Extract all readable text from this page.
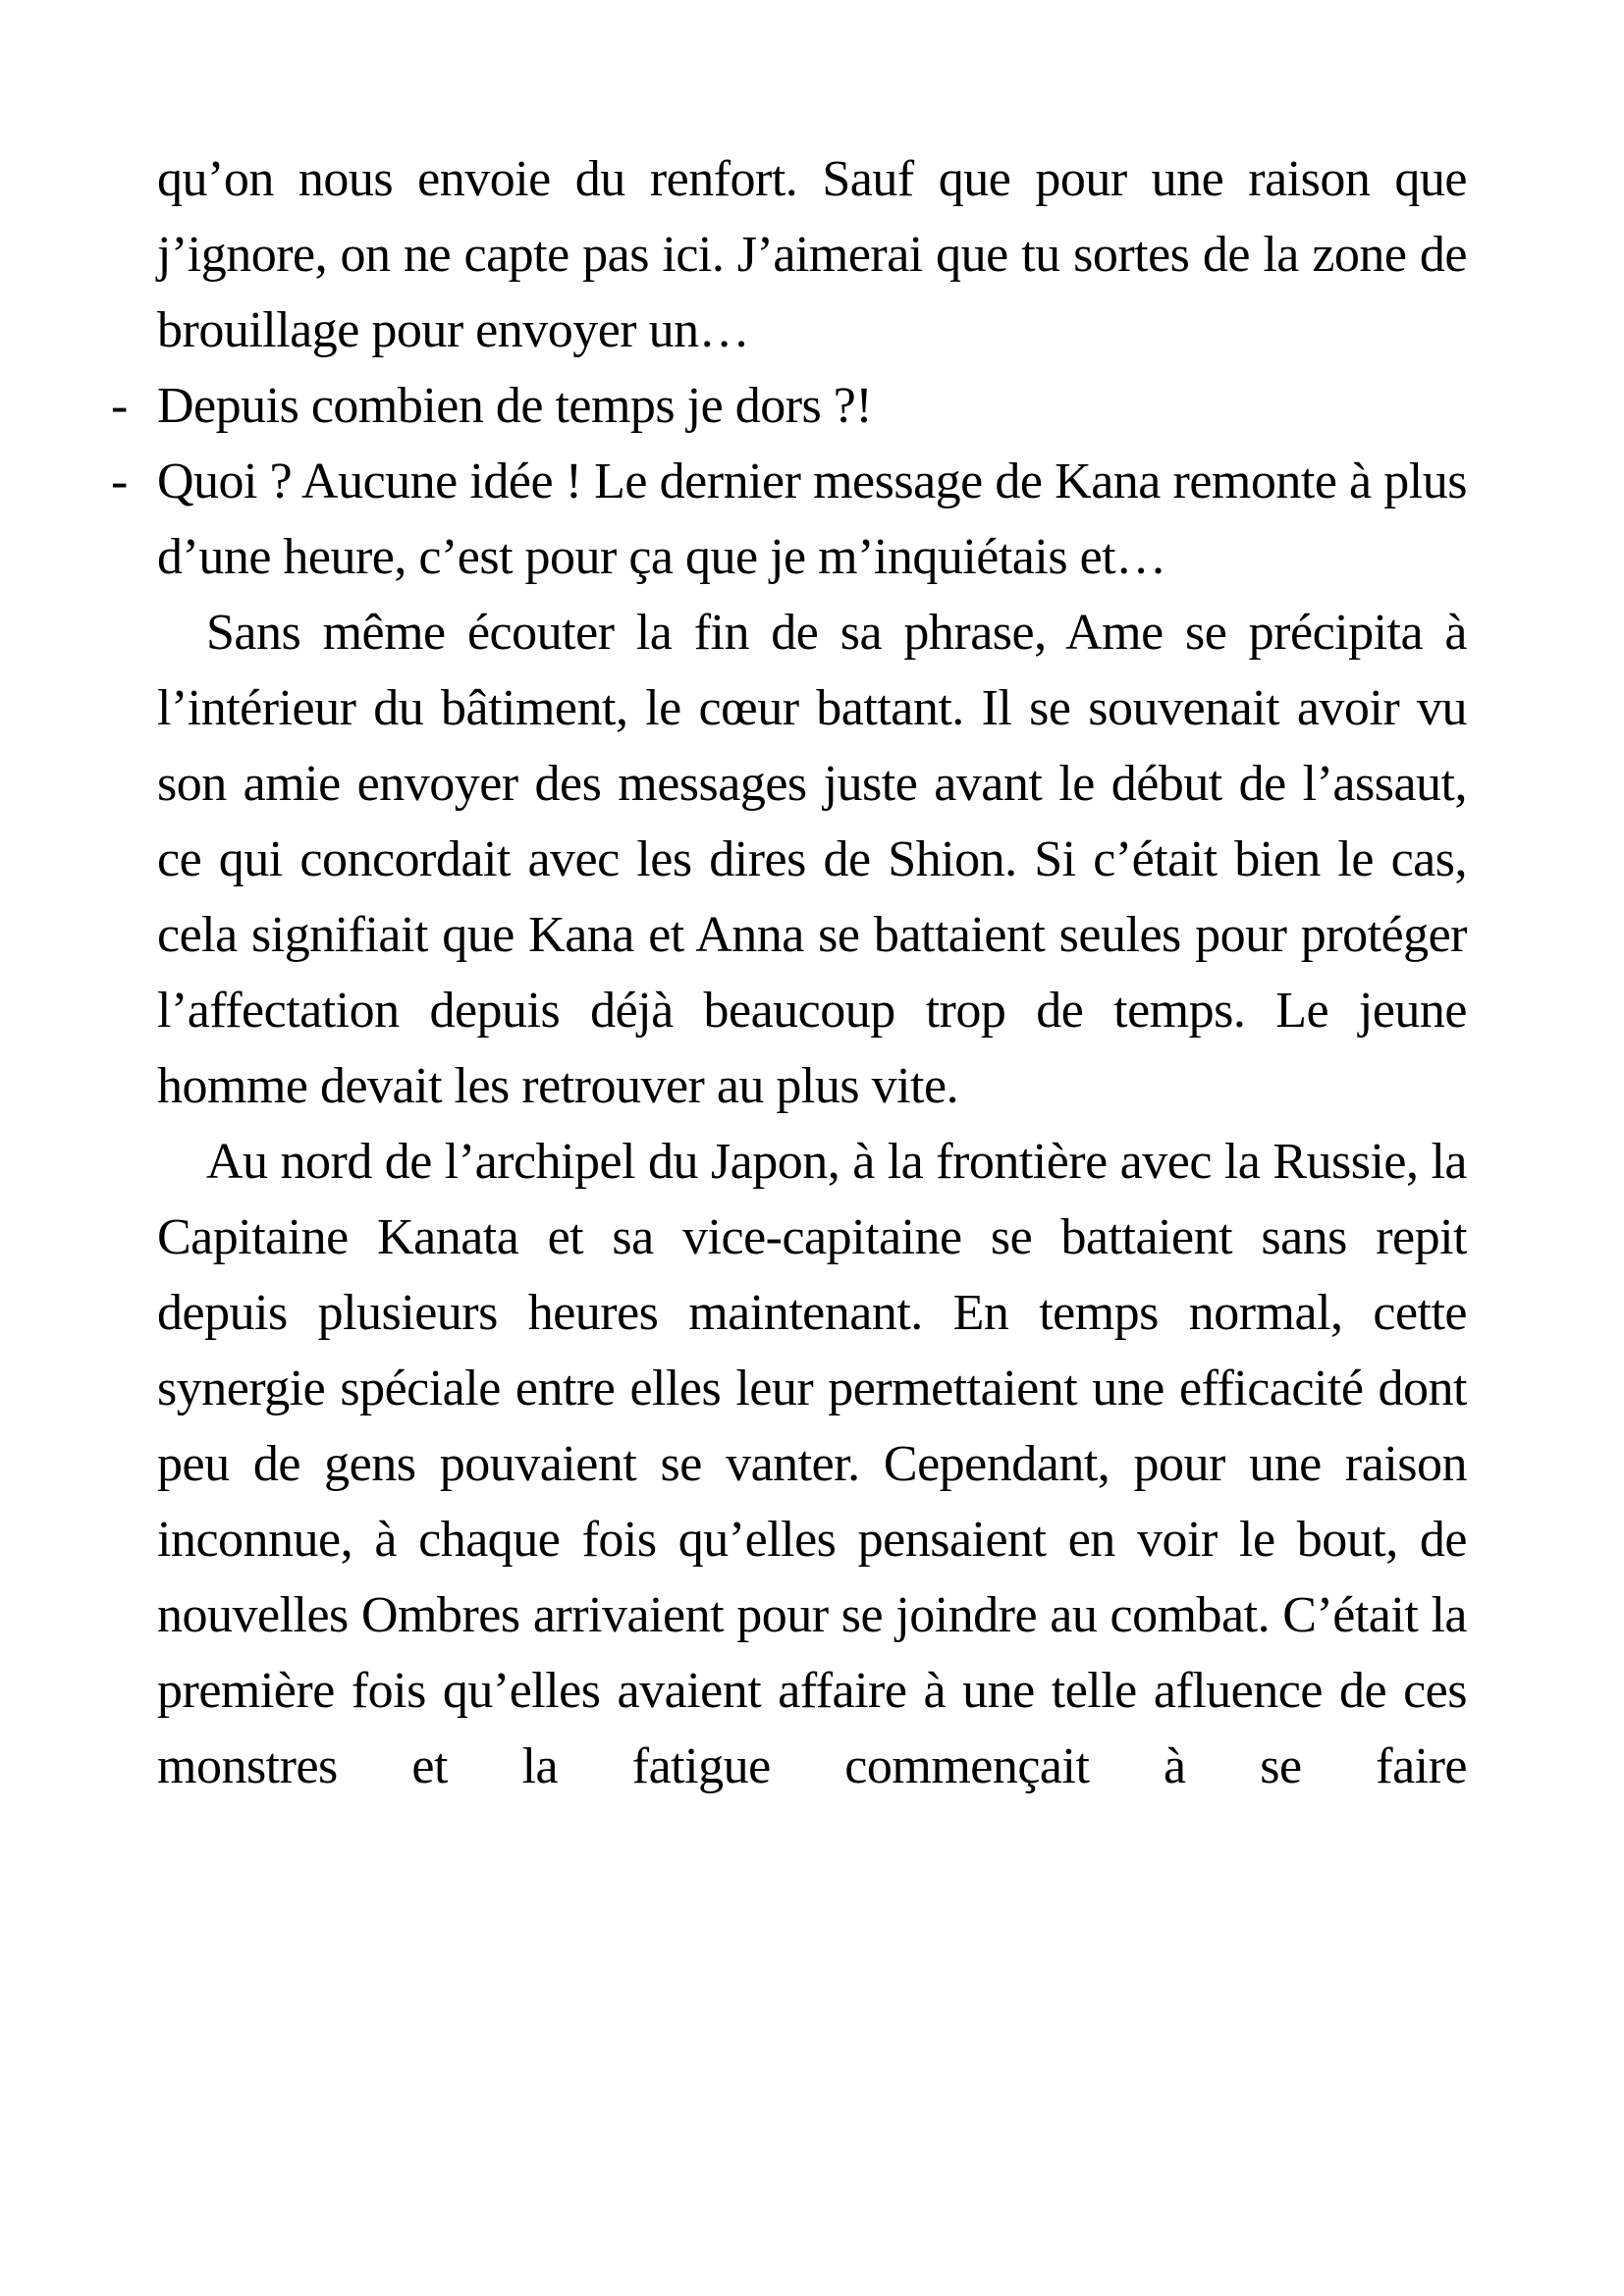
qu’on nous envoie du renfort. Sauf que pour une raison que j’ignore, on ne capte pas ici. J’aimerai que tu sortes de la zone de brouillage pour envoyer un…

- Depuis combien de temps je dors ?!

- Quoi ? Aucune idée ! Le dernier message de Kana remonte à plus d’une heure, c’est pour ça que je m’inquiétais et…

Sans même écouter la fin de sa phrase, Ame se précipita à l’intérieur du bâtiment, le cœur battant. Il se souvenait avoir vu son amie envoyer des messages juste avant le début de l’assaut, ce qui concordait avec les dires de Shion. Si c’était bien le cas, cela signifiait que Kana et Anna se battaient seules pour protéger l’affectation depuis déjà beaucoup trop de temps. Le jeune homme devait les retrouver au plus vite.

Au nord de l’archipel du Japon, à la frontière avec la Russie, la Capitaine Kanata et sa vice-capitaine se battaient sans repit depuis plusieurs heures maintenant. En temps normal, cette synergie spéciale entre elles leur permettaient une efficacité dont peu de gens pouvaient se vanter. Cependant, pour une raison inconnue, à chaque fois qu’elles pensaient en voir le bout, de nouvelles Ombres arrivaient pour se joindre au combat. C’était la première fois qu’elles avaient affaire à une telle afluence de ces monstres et la fatigue commençait à se faire
